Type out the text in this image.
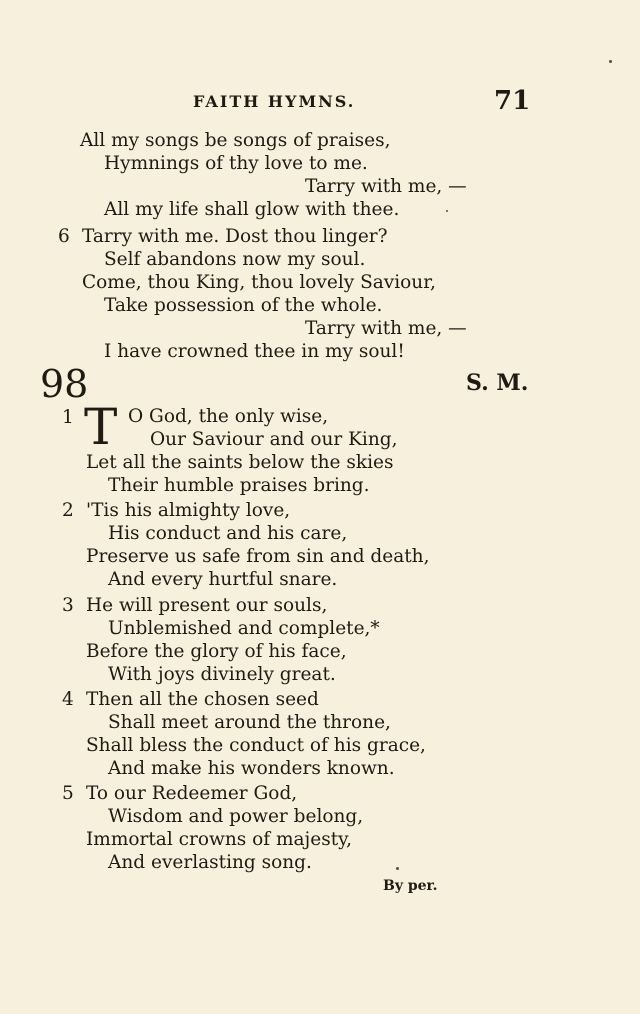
FAITH HYMNS.	71
All my songs be songs of praises,
Hymnings of thy love to me.
Tarry with me, —
All my life shall glow with thee.
6 Tarry with me. Dost thou linger?
Self abandons now my soul.
Come, thou King, thou lovely Saviour,
Take possession of the whole.
Tarry with me, —
I have crowned thee in my soul!
98	S. M.
1 T O God, the only wise,
Our Saviour and our King,
Let all the saints below the skies
Their humble praises bring.
2 'Tis his almighty love,
His conduct and his care,
Preserve us safe from sin and death,
And every hurtful snare.
3 He will present our souls,
Unblemished and complete,*
Before the glory of his face,
With joys divinely great.
4 Then all the chosen seed
Shall meet around the throne,
Shall bless the conduct of his grace,
And make his wonders known.
5 To our Redeemer God,
Wisdom and power belong,
Immortal crowns of majesty,
And everlasting song.
By per.
